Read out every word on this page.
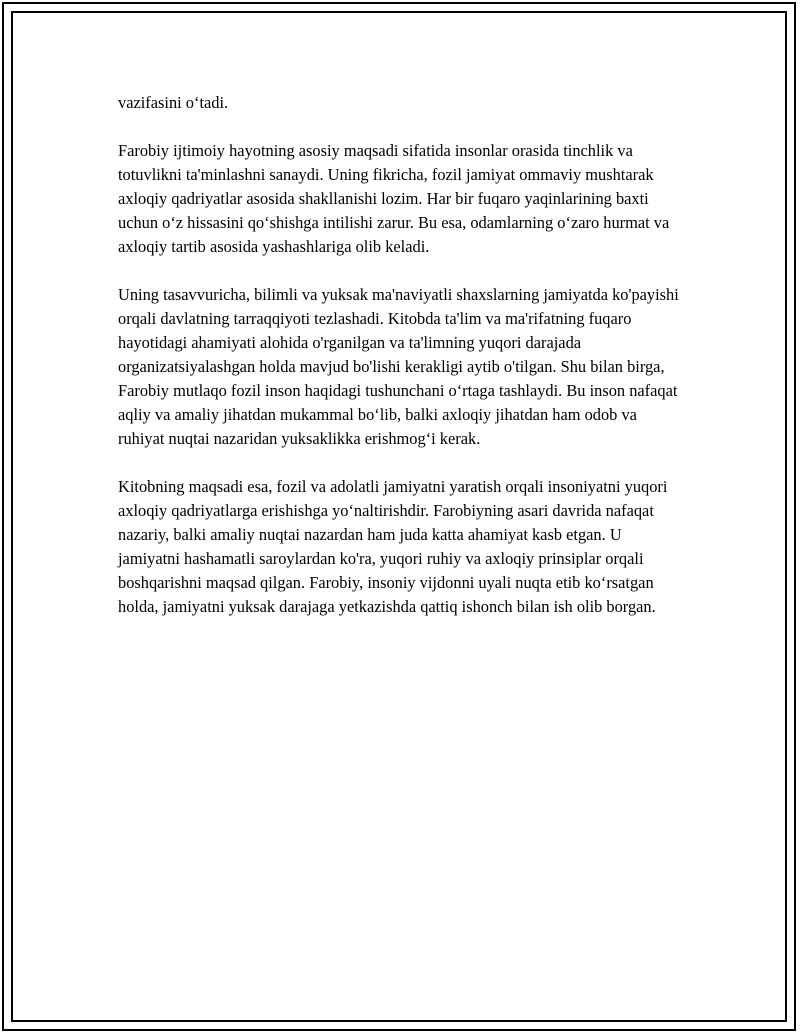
vazifasini o‘tadi.

Farobiy ijtimoiy hayotning asosiy maqsadi sifatida insonlar orasida tinchlik va totuvlikni ta'minlashni sanaydi. Uning fikricha, fozil jamiyat ommaviy mushtarak axloqiy qadriyatlar asosida shakllanishi lozim. Har bir fuqaro yaqinlarining baxti uchun o‘z hissasini qo‘shishga intilishi zarur. Bu esa, odamlarning o‘zaro hurmat va axloqiy tartib asosida yashashlariga olib keladi.

Uning tasavvuricha, bilimli va yuksak ma'naviyatli shaxslarning jamiyatda ko'payishi orqali davlatning tarraqqiyoti tezlashadi. Kitobda ta'lim va ma'rifatning fuqaro hayotidagi ahamiyati alohida o'rganilgan va ta'limning yuqori darajada organizatsiyalashgan holda mavjud bo'lishi kerakligi aytib o'tilgan. Shu bilan birga, Farobiy mutlaqo fozil inson haqidagi tushunchani o‘rtaga tashlaydi. Bu inson nafaqat aqliy va amaliy jihatdan mukammal bo‘lib, balki axloqiy jihatdan ham odob va ruhiyat nuqtai nazaridan yuksaklikka erishmog‘i kerak.

Kitobning maqsadi esa, fozil va adolatli jamiyatni yaratish orqali insoniyatni yuqori axloqiy qadriyatlarga erishishga yo‘naltirishdir. Farobiyning asari davrida nafaqat nazariy, balki amaliy nuqtai nazardan ham juda katta ahamiyat kasb etgan. U jamiyatni hashamatli saroylardan ko'ra, yuqori ruhiy va axloqiy prinsiplar orqali boshqarishni maqsad qilgan. Farobiy, insoniy vijdonni uyali nuqta etib ko‘rsatgan holda, jamiyatni yuksak darajaga yetkazishda qattiq ishonch bilan ish olib borgan.
